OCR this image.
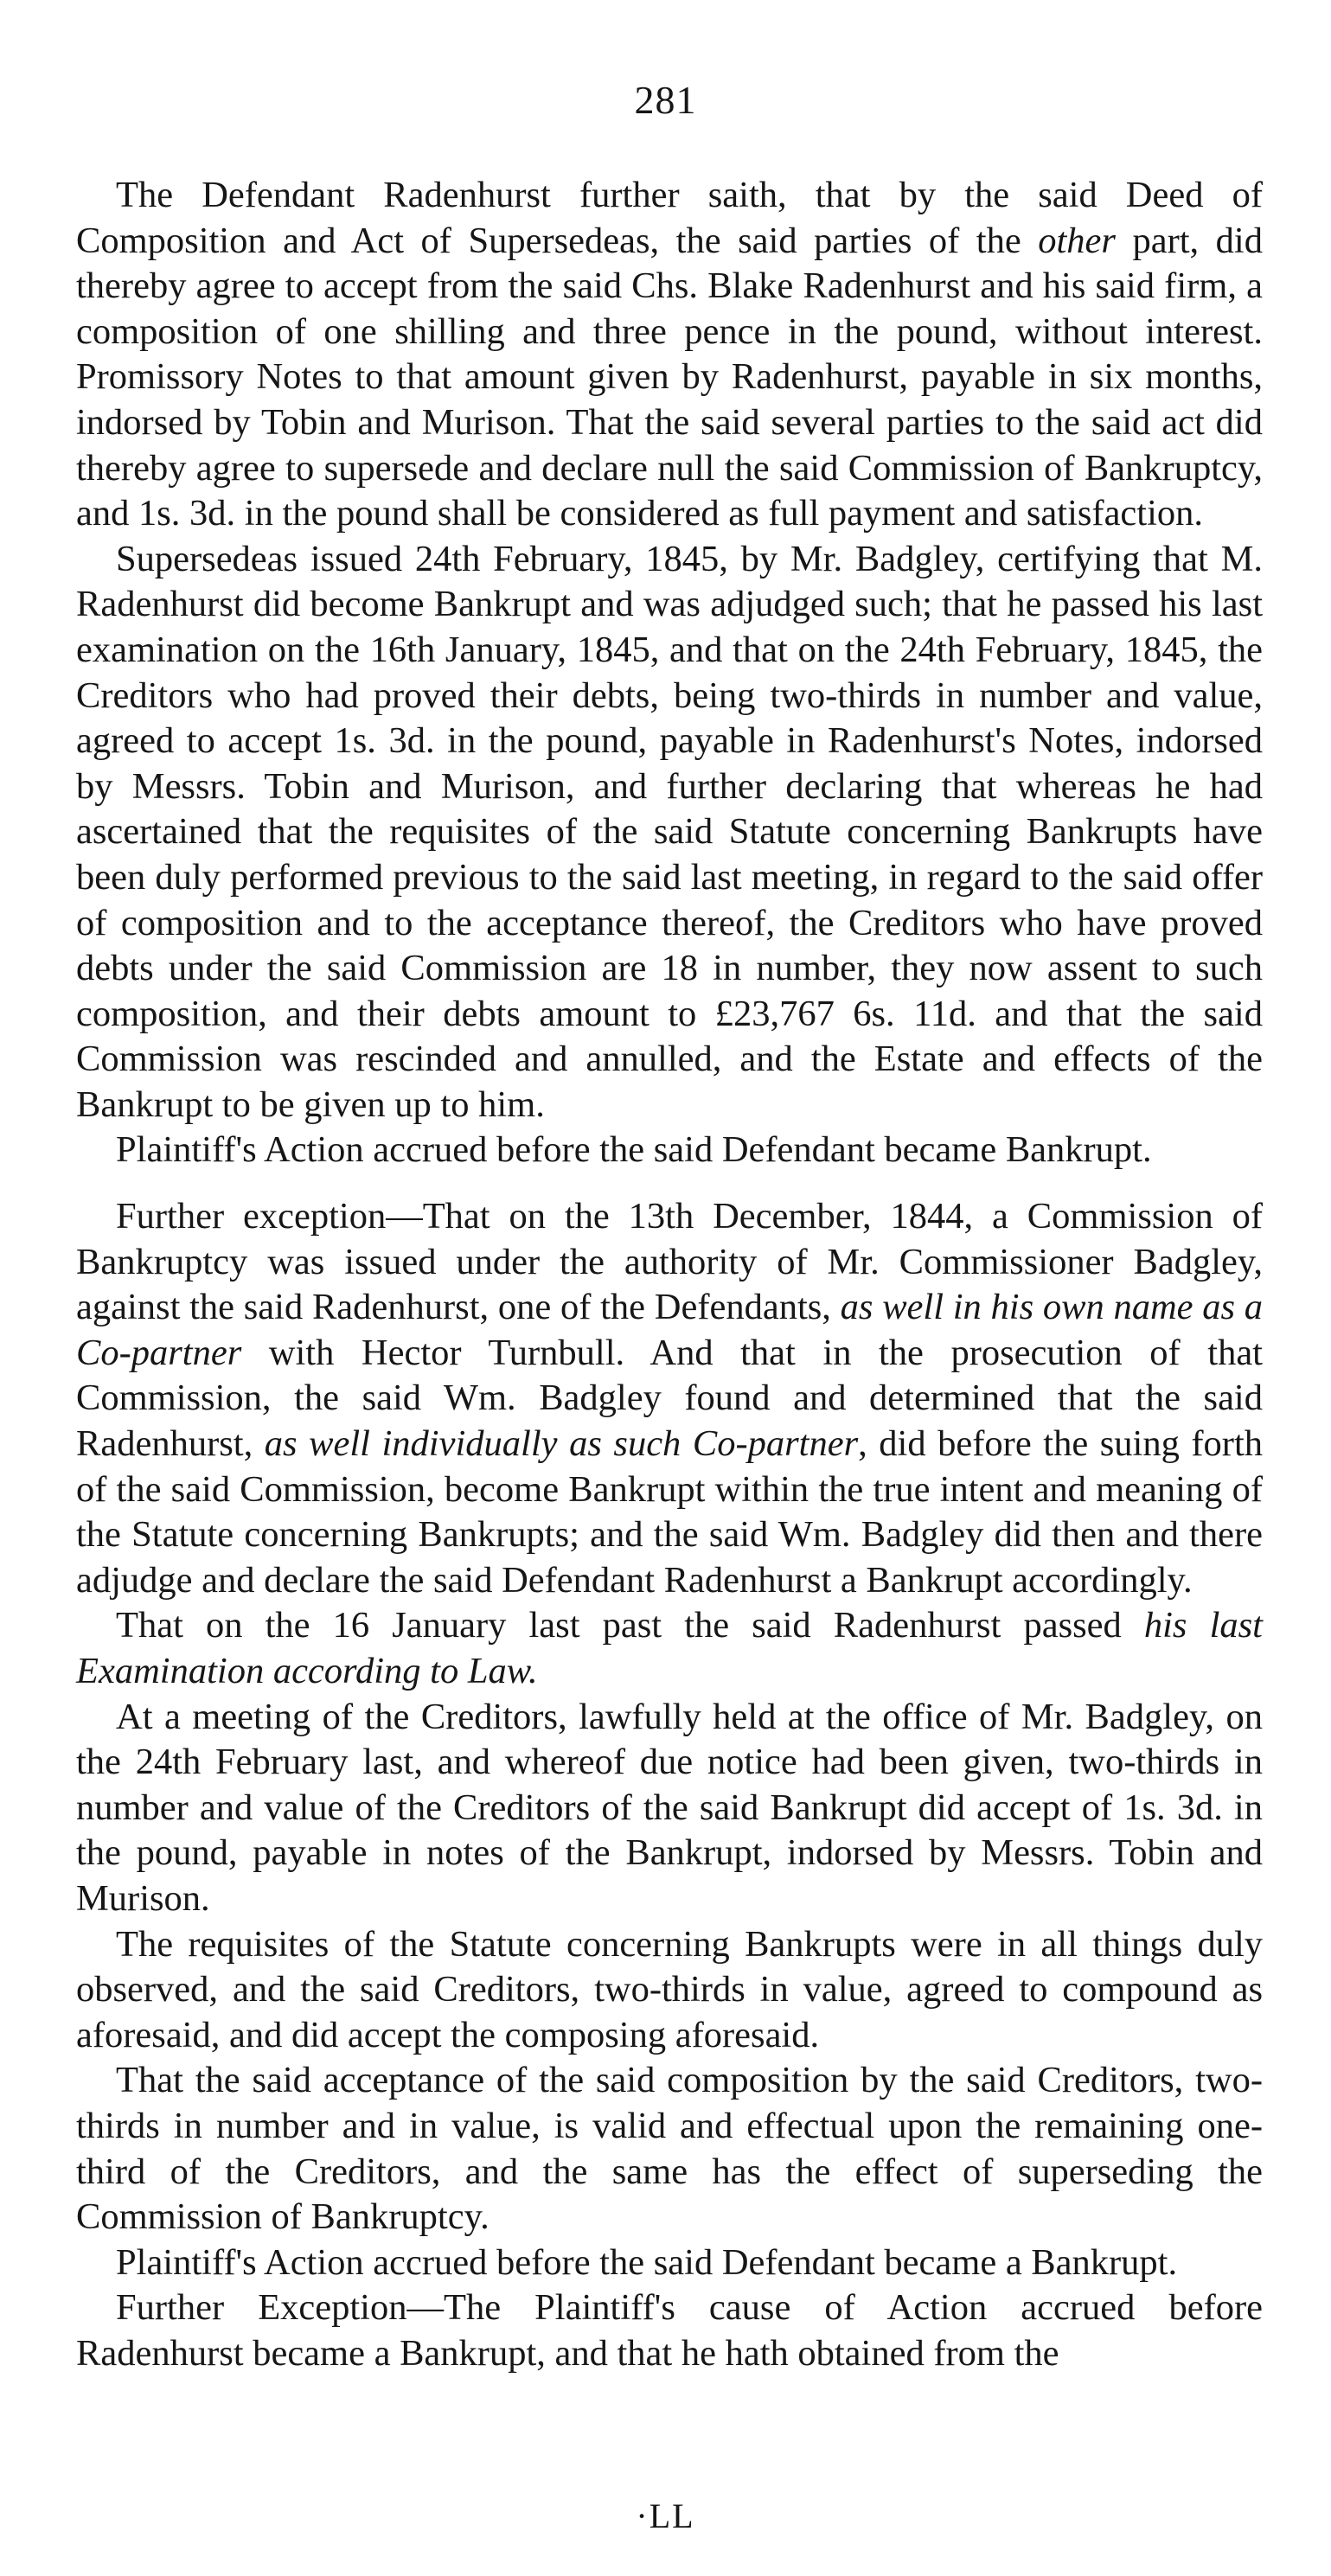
281

The Defendant Radenhurst further saith, that by the said Deed of Composition and Act of Supersedeas, the said parties of the other part, did thereby agree to accept from the said Chs. Blake Radenhurst and his said firm, a composition of one shilling and three pence in the pound, without interest. Promissory Notes to that amount given by Radenhurst, payable in six months, indorsed by Tobin and Murison. That the said several parties to the said act did thereby agree to supersede and declare null the said Commission of Bankruptcy, and 1s. 3d. in the pound shall be considered as full payment and satisfaction.

Supersedeas issued 24th February, 1845, by Mr. Badgley, certifying that M. Radenhurst did become Bankrupt and was adjudged such; that he passed his last examination on the 16th January, 1845, and that on the 24th February, 1845, the Creditors who had proved their debts, being two-thirds in number and value, agreed to accept 1s. 3d. in the pound, payable in Radenhurst's Notes, indorsed by Messrs. Tobin and Murison, and further declaring that whereas he had ascertained that the requisites of the said Statute concerning Bankrupts have been duly performed previous to the said last meeting, in regard to the said offer of composition and to the acceptance thereof, the Creditors who have proved debts under the said Commission are 18 in number, they now assent to such composition, and their debts amount to £23,767 6s. 11d. and that the said Commission was rescinded and annulled, and the Estate and effects of the Bankrupt to be given up to him.

Plaintiff's Action accrued before the said Defendant became Bankrupt.

Further exception—That on the 13th December, 1844, a Commission of Bankruptcy was issued under the authority of Mr. Commissioner Badgley, against the said Radenhurst, one of the Defendants, as well in his own name as a Co-partner with Hector Turnbull. And that in the prosecution of that Commission, the said Wm. Badgley found and determined that the said Radenhurst, as well individually as such Co-partner, did before the suing forth of the said Commission, become Bankrupt within the true intent and meaning of the Statute concerning Bankrupts; and the said Wm. Badgley did then and there adjudge and declare the said Defendant Radenhurst a Bankrupt accordingly.

That on the 16 January last past the said Radenhurst passed his last Examination according to Law.

At a meeting of the Creditors, lawfully held at the office of Mr. Badgley, on the 24th February last, and whereof due notice had been given, two-thirds in number and value of the Creditors of the said Bankrupt did accept of 1s. 3d. in the pound, payable in notes of the Bankrupt, indorsed by Messrs. Tobin and Murison.

The requisites of the Statute concerning Bankrupts were in all things duly observed, and the said Creditors, two-thirds in value, agreed to compound as aforesaid, and did accept the composing aforesaid.

That the said acceptance of the said composition by the said Creditors, two-thirds in number and in value, is valid and effectual upon the remaining one-third of the Creditors, and the same has the effect of superseding the Commission of Bankruptcy.

Plaintiff's Action accrued before the said Defendant became a Bankrupt.

Further Exception—The Plaintiff's cause of Action accrued before Radenhurst became a Bankrupt, and that he hath obtained from the

·LL
